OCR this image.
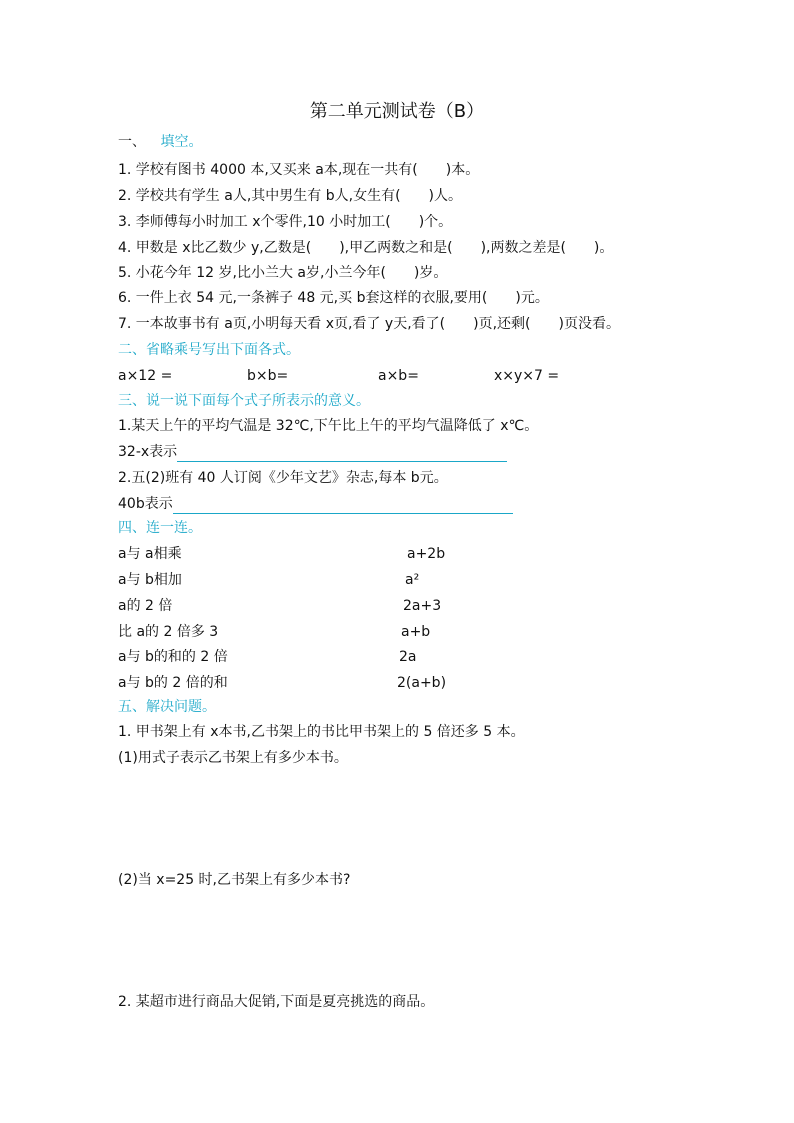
第二单元测试卷（B）
一、 填空。
1. 学校有图书 4000 本,又买来 a本,现在一共有(　　)本。
2. 学校共有学生 a人,其中男生有 b人,女生有(　　)人。
3. 李师傅每小时加工 x个零件,10 小时加工(　　)个。
4. 甲数是 x比乙数少 y,乙数是(　　),甲乙两数之和是(　　),两数之差是(　　)。
5. 小花今年 12 岁,比小兰大 a岁,小兰今年(　　)岁。
6. 一件上衣 54 元,一条裤子 48 元,买 b套这样的衣服,要用(　　)元。
7. 一本故事书有 a页,小明每天看 x页,看了 y天,看了(　　)页,还剩(　　)页没看。
二、省略乘号写出下面各式。
a×12 =	b×b=	a×b=	x×y×7 =
三、说一说下面每个式子所表示的意义。
1.某天上午的平均气温是 32℃,下午比上午的平均气温降低了 x℃。
32-x表示
2.五(2)班有 40 人订阅《少年文艺》杂志,每本 b元。
40b表示
四、连一连。
a与 a相乘
a与 b相加
a的 2 倍
比 a的 2 倍多 3
a与 b的和的 2 倍
a与 b的 2 倍的和
a+2b
a²
2a+3
a+b
2a
2(a+b)
五、解决问题。
1. 甲书架上有 x本书,乙书架上的书比甲书架上的 5 倍还多 5 本。
(1)用式子表示乙书架上有多少本书。
(2)当 x=25 时,乙书架上有多少本书?
2. 某超市进行商品大促销,下面是夏亮挑选的商品。
